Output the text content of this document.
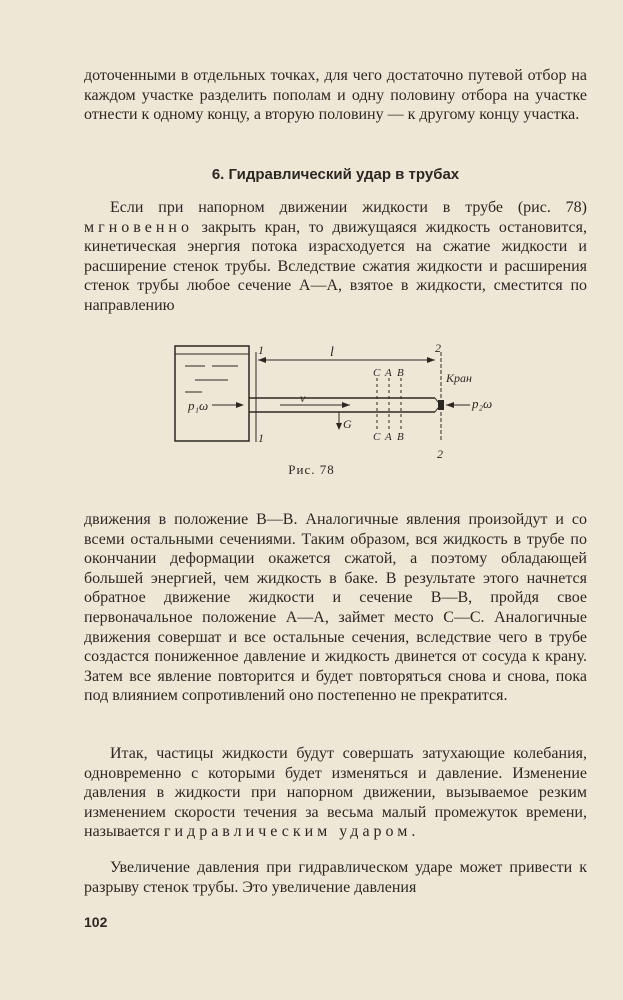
доточенными в отдельных точках, для чего достаточно путевой отбор на каждом участке разделить пополам и одну половину отбора на участке отнести к одному концу, а вторую половину — к другому концу участка.

6. Гидравлический удар в трубах

Если при напорном движении жидкости в трубе (рис. 78) мгновенно закрыть кран, то движущаяся жидкость остановится, кинетическая энергия потока израсходуется на сжатие жидкости и расширение стенок трубы. Вследствие сжатия жидкости и расширения стенок трубы любое сечение A—A, взятое в жидкости, сместится по направлению

1
1
2
2
l
C A B
C A B
v
G
p₁ω	p₂ω
Кран
Рис. 78

движения в положение B—B. Аналогичные явления произойдут и со всеми остальными сечениями. Таким образом, вся жидкость в трубе по окончании деформации окажется сжатой, а поэтому обладающей большей энергией, чем жидкость в баке. В результате этого начнется обратное движение жидкости и сечение B—B, пройдя свое первоначальное положение A—A, займет место C—C. Аналогичные движения совершат и все остальные сечения, вследствие чего в трубе создастся пониженное давление и жидкость двинется от сосуда к крану. Затем все явление повторится и будет повторяться снова и снова, пока под влиянием сопротивлений оно постепенно не прекратится.

Итак, частицы жидкости будут совершать затухающие колебания, одновременно с которыми будет изменяться и давление. Изменение давления в жидкости при напорном движении, вызываемое резким изменением скорости течения за весьма малый промежуток времени, называется гидравлическим ударом.

Увеличение давления при гидравлическом ударе может привести к разрыву стенок трубы. Это увеличение давления

102
